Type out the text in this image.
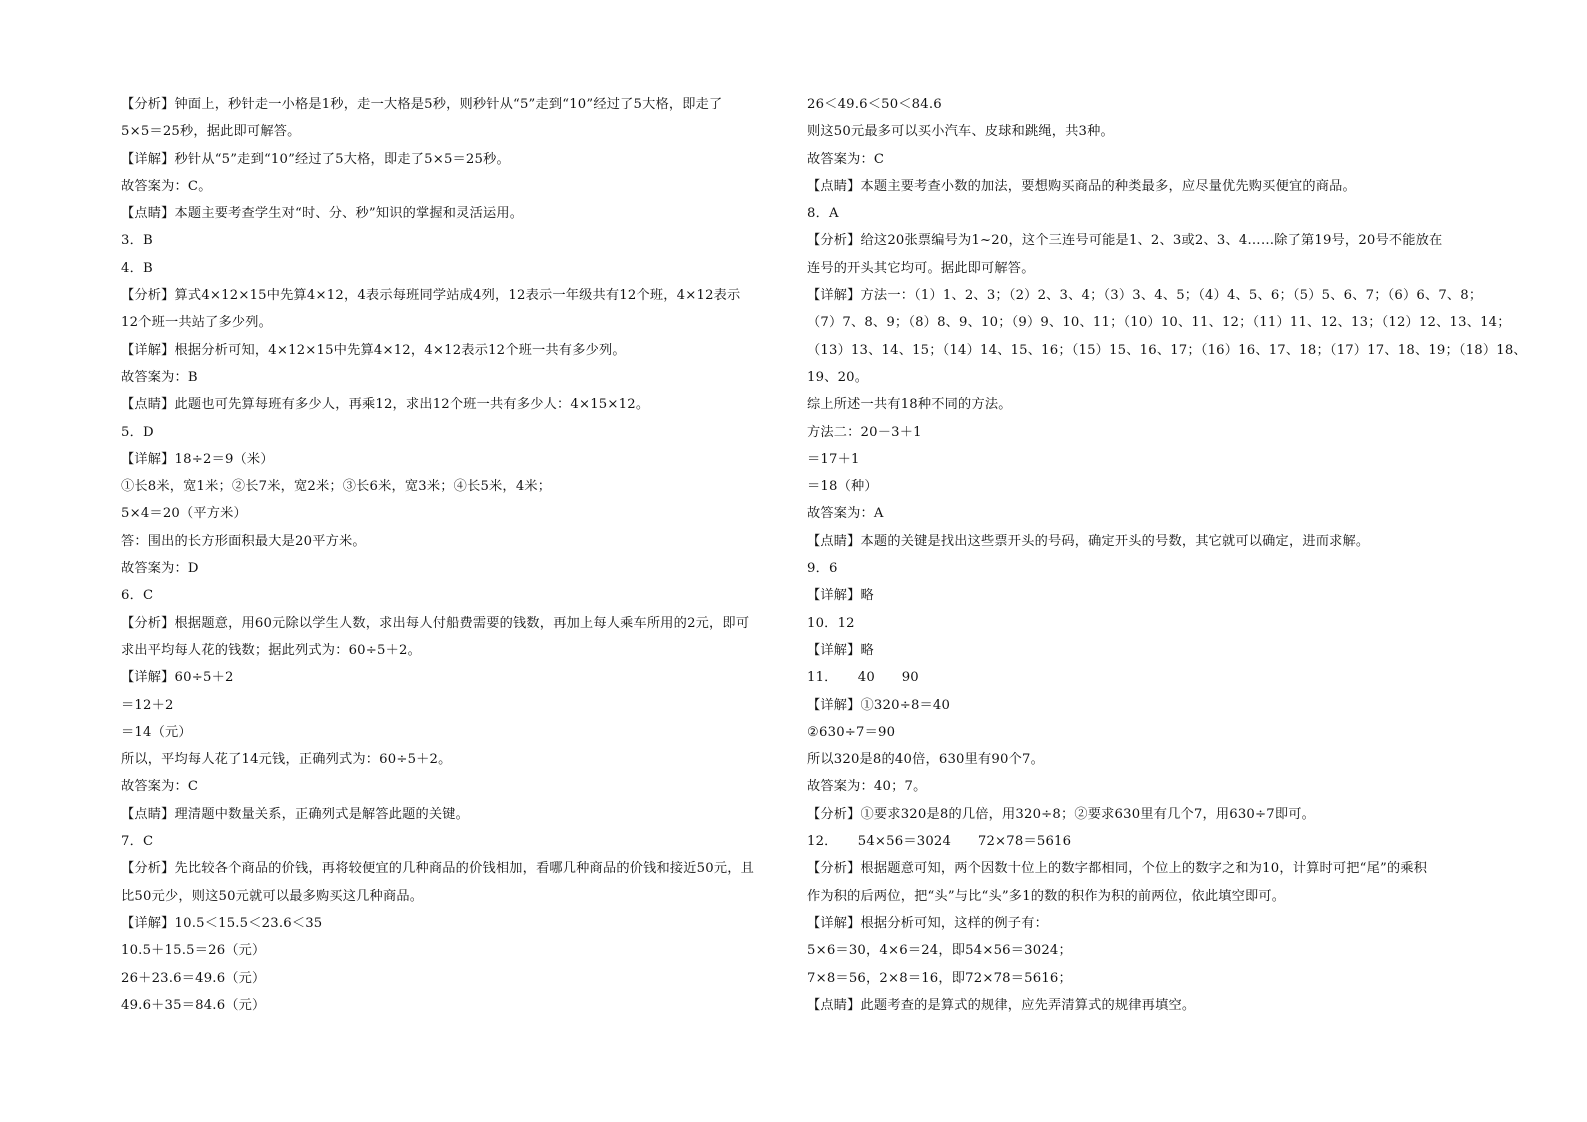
【分析】钟面上，秒针走一小格是1秒，走一大格是5秒，则秒针从“5”走到“10”经过了5大格，即走了
5×5＝25秒，据此即可解答。
【详解】秒针从“5”走到“10”经过了5大格，即走了5×5＝25秒。
故答案为：C。
【点睛】本题主要考查学生对“时、分、秒”知识的掌握和灵活运用。
3．B
4．B
【分析】算式4×12×15中先算4×12，4表示每班同学站成4列，12表示一年级共有12个班，4×12表示
12个班一共站了多少列。
【详解】根据分析可知，4×12×15中先算4×12，4×12表示12个班一共有多少列。
故答案为：B
【点睛】此题也可先算每班有多少人，再乘12，求出12个班一共有多少人：4×15×12。
5．D
【详解】18÷2＝9（米）
①长8米，宽1米；②长7米，宽2米；③长6米，宽3米；④长5米，4米；
5×4＝20（平方米）
答：围出的长方形面积最大是20平方米。
故答案为：D
6．C
【分析】根据题意，用60元除以学生人数，求出每人付船费需要的钱数，再加上每人乘车所用的2元，即可
求出平均每人花的钱数；据此列式为：60÷5＋2。
【详解】60÷5＋2
＝12＋2
＝14（元）
所以，平均每人花了14元钱，正确列式为：60÷5＋2。
故答案为：C
【点睛】理清题中数量关系，正确列式是解答此题的关键。
7．C
【分析】先比较各个商品的价钱，再将较便宜的几种商品的价钱相加，看哪几种商品的价钱和接近50元，且
比50元少，则这50元就可以最多购买这几种商品。
【详解】10.5＜15.5＜23.6＜35
10.5＋15.5＝26（元）
26＋23.6＝49.6（元）
49.6＋35＝84.6（元）
26＜49.6＜50＜84.6
则这50元最多可以买小汽车、皮球和跳绳，共3种。
故答案为：C
【点睛】本题主要考查小数的加法，要想购买商品的种类最多，应尽量优先购买便宜的商品。
8．A
【分析】给这20张票编号为1~20，这个三连号可能是1、2、3或2、3、4……除了第19号，20号不能放在
连号的开头其它均可。据此即可解答。
【详解】方法一：（1）1、2、3；（2）2、3、4；（3）3、4、5；（4）4、5、6；（5）5、6、7；（6）6、7、8；
（7）7、8、9；（8）8、9、10；（9）9、10、11；（10）10、11、12；（11）11、12、13；（12）12、13、14；
（13）13、14、15；（14）14、15、16；（15）15、16、17；（16）16、17、18；（17）17、18、19；（18）18、
19、20。
综上所述一共有18种不同的方法。
方法二：20－3＋1
＝17＋1
＝18（种）
故答案为：A
【点睛】本题的关键是找出这些票开头的号码，确定开头的号数，其它就可以确定，进而求解。
9．6
【详解】略
10．12
【详解】略
11．　　40　　90
【详解】①320÷8＝40
②630÷7＝90
所以320是8的40倍，630里有90个7。
故答案为：40；7。
【分析】①要求320是8的几倍，用320÷8；②要求630里有几个7，用630÷7即可。
12．　　54×56＝3024　　72×78＝5616
【分析】根据题意可知，两个因数十位上的数字都相同，个位上的数字之和为10，计算时可把“尾”的乘积
作为积的后两位，把“头”与比“头”多1的数的积作为积的前两位，依此填空即可。
【详解】根据分析可知，这样的例子有：
5×6＝30，4×6＝24，即54×56＝3024；
7×8＝56，2×8＝16，即72×78＝5616；
【点睛】此题考查的是算式的规律，应先弄清算式的规律再填空。
